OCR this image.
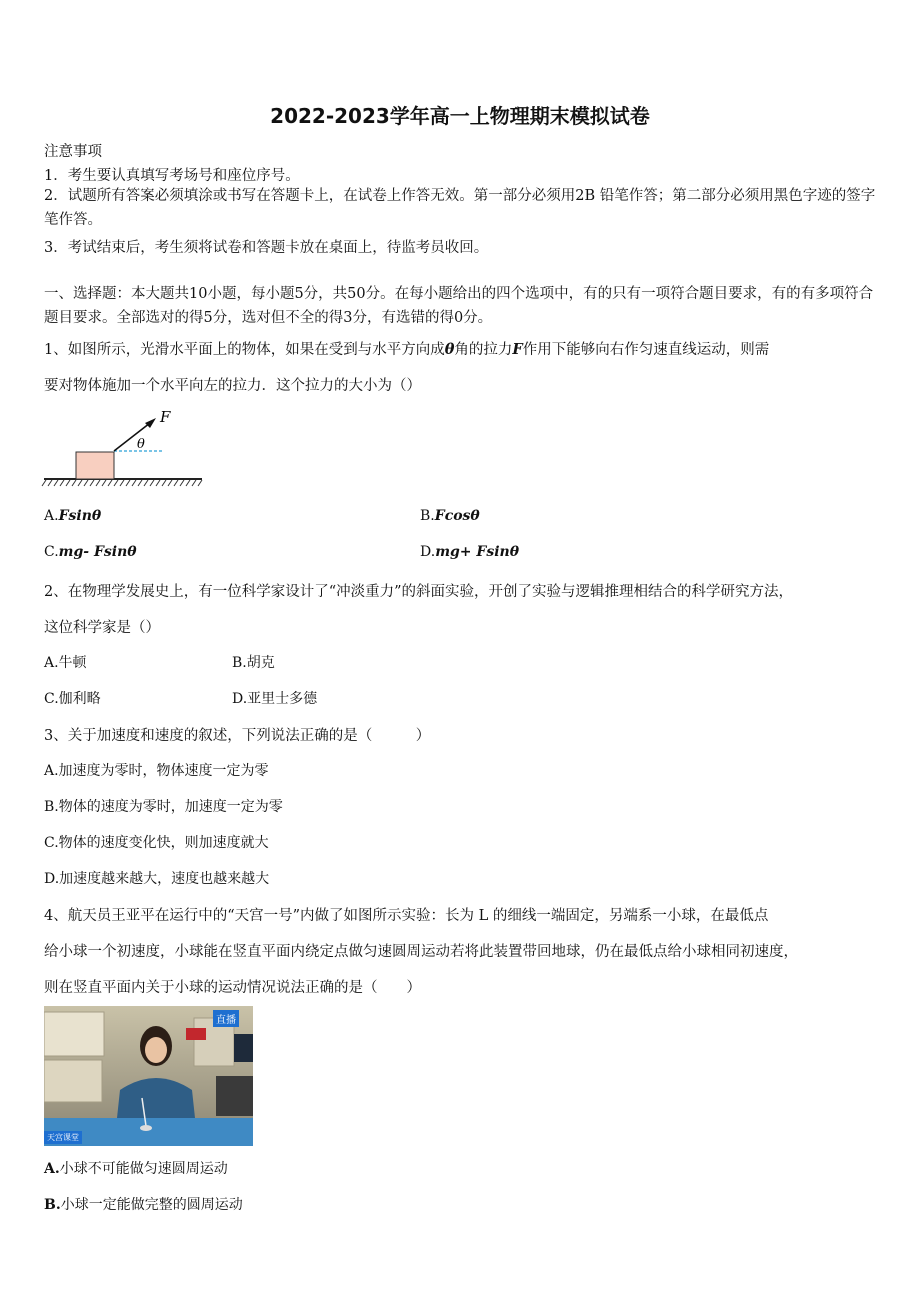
2022-2023学年高一上物理期末模拟试卷
注意事项
1．考生要认真填写考场号和座位序号。
2．试题所有答案必须填涂或书写在答题卡上，在试卷上作答无效。第一部分必须用2B 铅笔作答；第二部分必须用黑色字迹的签字笔作答。
3．考试结束后，考生须将试卷和答题卡放在桌面上，待监考员收回。
一、选择题：本大题共10小题，每小题5分，共50分。在每小题给出的四个选项中，有的只有一项符合题目要求，有的有多项符合题目要求。全部选对的得5分，选对但不全的得3分，有选错的得0分。
1、如图所示，光滑水平面上的物体，如果在受到与水平方向成θ角的拉力F作用下能够向右作匀速直线运动，则需
要对物体施加一个水平向左的拉力．这个拉力的大小为（）
F
θ
A.Fsinθ	B.Fcosθ
C.mg- Fsinθ	D.mg+ Fsinθ
2、在物理学发展史上，有一位科学家设计了“冲淡重力”的斜面实验，开创了实验与逻辑推理相结合的科学研究方法，
这位科学家是（）
A.牛顿	B.胡克
C.伽利略	D.亚里士多德
3、关于加速度和速度的叙述，下列说法正确的是（　　　）
A.加速度为零时，物体速度一定为零
B.物体的速度为零时，加速度一定为零
C.物体的速度变化快，则加速度就大
D.加速度越来越大，速度也越来越大
4、航天员王亚平在运行中的“天宫一号”内做了如图所示实验：长为 L 的细线一端固定，另端系一小球，在最低点
给小球一个初速度，小球能在竖直平面内绕定点做匀速圆周运动若将此装置带回地球，仍在最低点给小球相同初速度，
则在竖直平面内关于小球的运动情况说法正确的是（　　）
直播
天宫课堂
A.小球不可能做匀速圆周运动
B.小球一定能做完整的圆周运动
